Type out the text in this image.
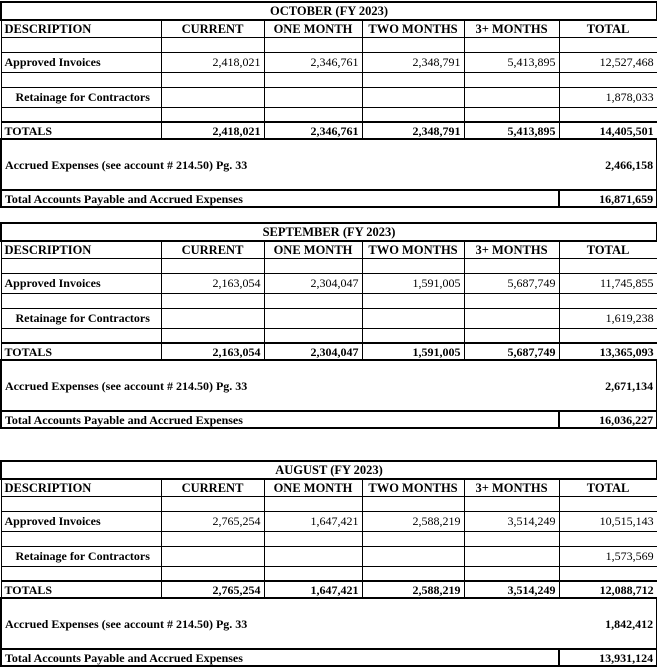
OCTOBER (FY 2023)					
DESCRIPTION	CURRENT	ONE MONTH	TWO MONTHS	3+ MONTHS	TOTAL

Approved Invoices	2,418,021	2,346,761	2,348,791	5,413,895	12,527,468

Retainage for Contractors					1,878,033

TOTALS	2,418,021	2,346,761	2,348,791	5,413,895	14,405,501
Accrued Expenses (see account # 214.50) Pg. 33					2,466,158
Total Accounts Payable and Accrued Expenses					16,871,659
SEPTEMBER (FY 2023)					
DESCRIPTION	CURRENT	ONE MONTH	TWO MONTHS	3+ MONTHS	TOTAL

Approved Invoices	2,163,054	2,304,047	1,591,005	5,687,749	11,745,855

Retainage for Contractors					1,619,238

TOTALS	2,163,054	2,304,047	1,591,005	5,687,749	13,365,093
Accrued Expenses (see account # 214.50) Pg. 33					2,671,134
Total Accounts Payable and Accrued Expenses					16,036,227
AUGUST (FY 2023)					
DESCRIPTION	CURRENT	ONE MONTH	TWO MONTHS	3+ MONTHS	TOTAL

Approved Invoices	2,765,254	1,647,421	2,588,219	3,514,249	10,515,143

Retainage for Contractors					1,573,569

TOTALS	2,765,254	1,647,421	2,588,219	3,514,249	12,088,712
Accrued Expenses (see account # 214.50) Pg. 33					1,842,412
Total Accounts Payable and Accrued Expenses					13,931,124
